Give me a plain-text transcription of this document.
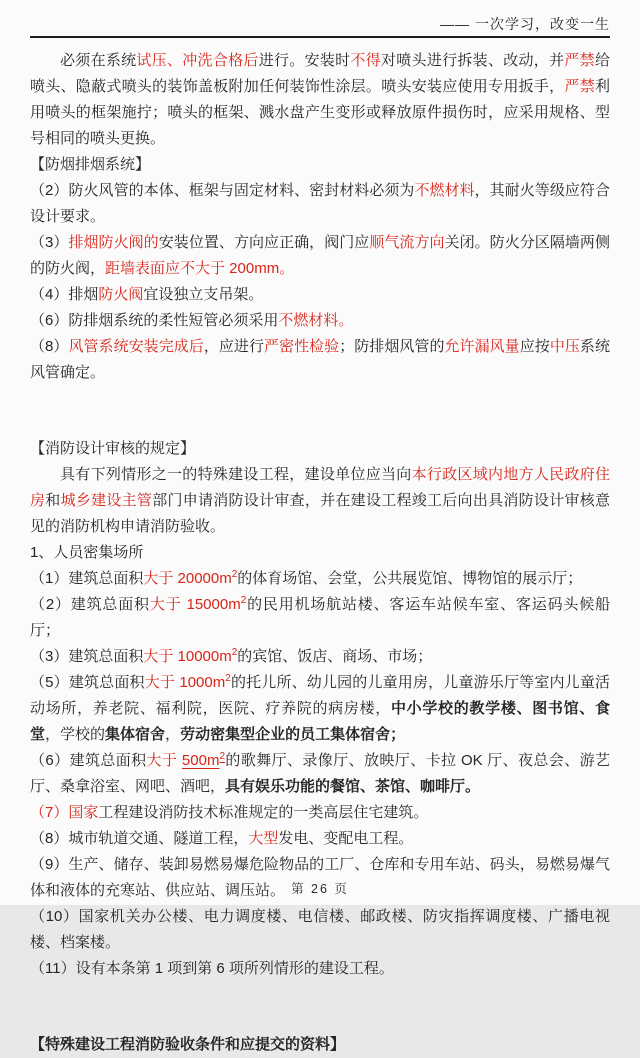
—— 一次学习，改变一生

必须在系统试压、冲洗合格后进行。安装时不得对喷头进行拆装、改动，并严禁给喷头、隐蔽式喷头的装饰盖板附加任何装饰性涂层。喷头安装应使用专用扳手，严禁利用喷头的框架施拧；喷头的框架、溅水盘产生变形或释放原件损伤时，应采用规格、型号相同的喷头更换。

【防烟排烟系统】

（2）防火风管的本体、框架与固定材料、密封材料必须为不燃材料，其耐火等级应符合设计要求。

（3）排烟防火阀的安装位置、方向应正确，阀门应顺气流方向关闭。防火分区隔墙两侧的防火阀，距墙表面应不大于 200mm。

（4）排烟防火阀宜设独立支吊架。

（6）防排烟系统的柔性短管必须采用不燃材料。

（8）风管系统安装完成后，应进行严密性检验；防排烟风管的允许漏风量应按中压系统风管确定。

【消防设计审核的规定】

具有下列情形之一的特殊建设工程，建设单位应当向本行政区域内地方人民政府住房和城乡建设主管部门申请消防设计审查，并在建设工程竣工后向出具消防设计审核意见的消防机构申请消防验收。

1、人员密集场所

（1）建筑总面积大于 $20000m^2$的体育场馆、会堂，公共展览馆、博物馆的展示厅；

（2）建筑总面积大于 $15000m^2$的民用机场航站楼、客运车站候车室、客运码头候船厅；

（3）建筑总面积大于 $10000m^2$的宾馆、饭店、商场、市场；

（5）建筑总面积大于 $1000m^2$的托儿所、幼儿园的儿童用房，儿童游乐厅等室内儿童活动场所，养老院、福利院，医院、疗养院的病房楼，中小学校的教学楼、图书馆、食堂，学校的集体宿舍，劳动密集型企业的员工集体宿舍；

（6）建筑总面积大于 $500m^2$的歌舞厅、录像厅、放映厅、卡拉 OK 厅、夜总会、游艺厅、桑拿浴室、网吧、酒吧，具有娱乐功能的餐馆、茶馆、咖啡厅。

（7）国家工程建设消防技术标准规定的一类高层住宅建筑。

（8）城市轨道交通、隧道工程，大型发电、变配电工程。

（9）生产、储存、装卸易燃易爆危险物品的工厂、仓库和专用车站、码头，易燃易爆气体和液体的充寒站、供应站、调压站。

（10）国家机关办公楼、电力调度楼、电信楼、邮政楼、防灾指挥调度楼、广播电视楼、档案楼。

（11）设有本条第 1 项到第 6 项所列情形的建设工程。

【特殊建设工程消防验收条件和应提交的资料】

第 26 页
